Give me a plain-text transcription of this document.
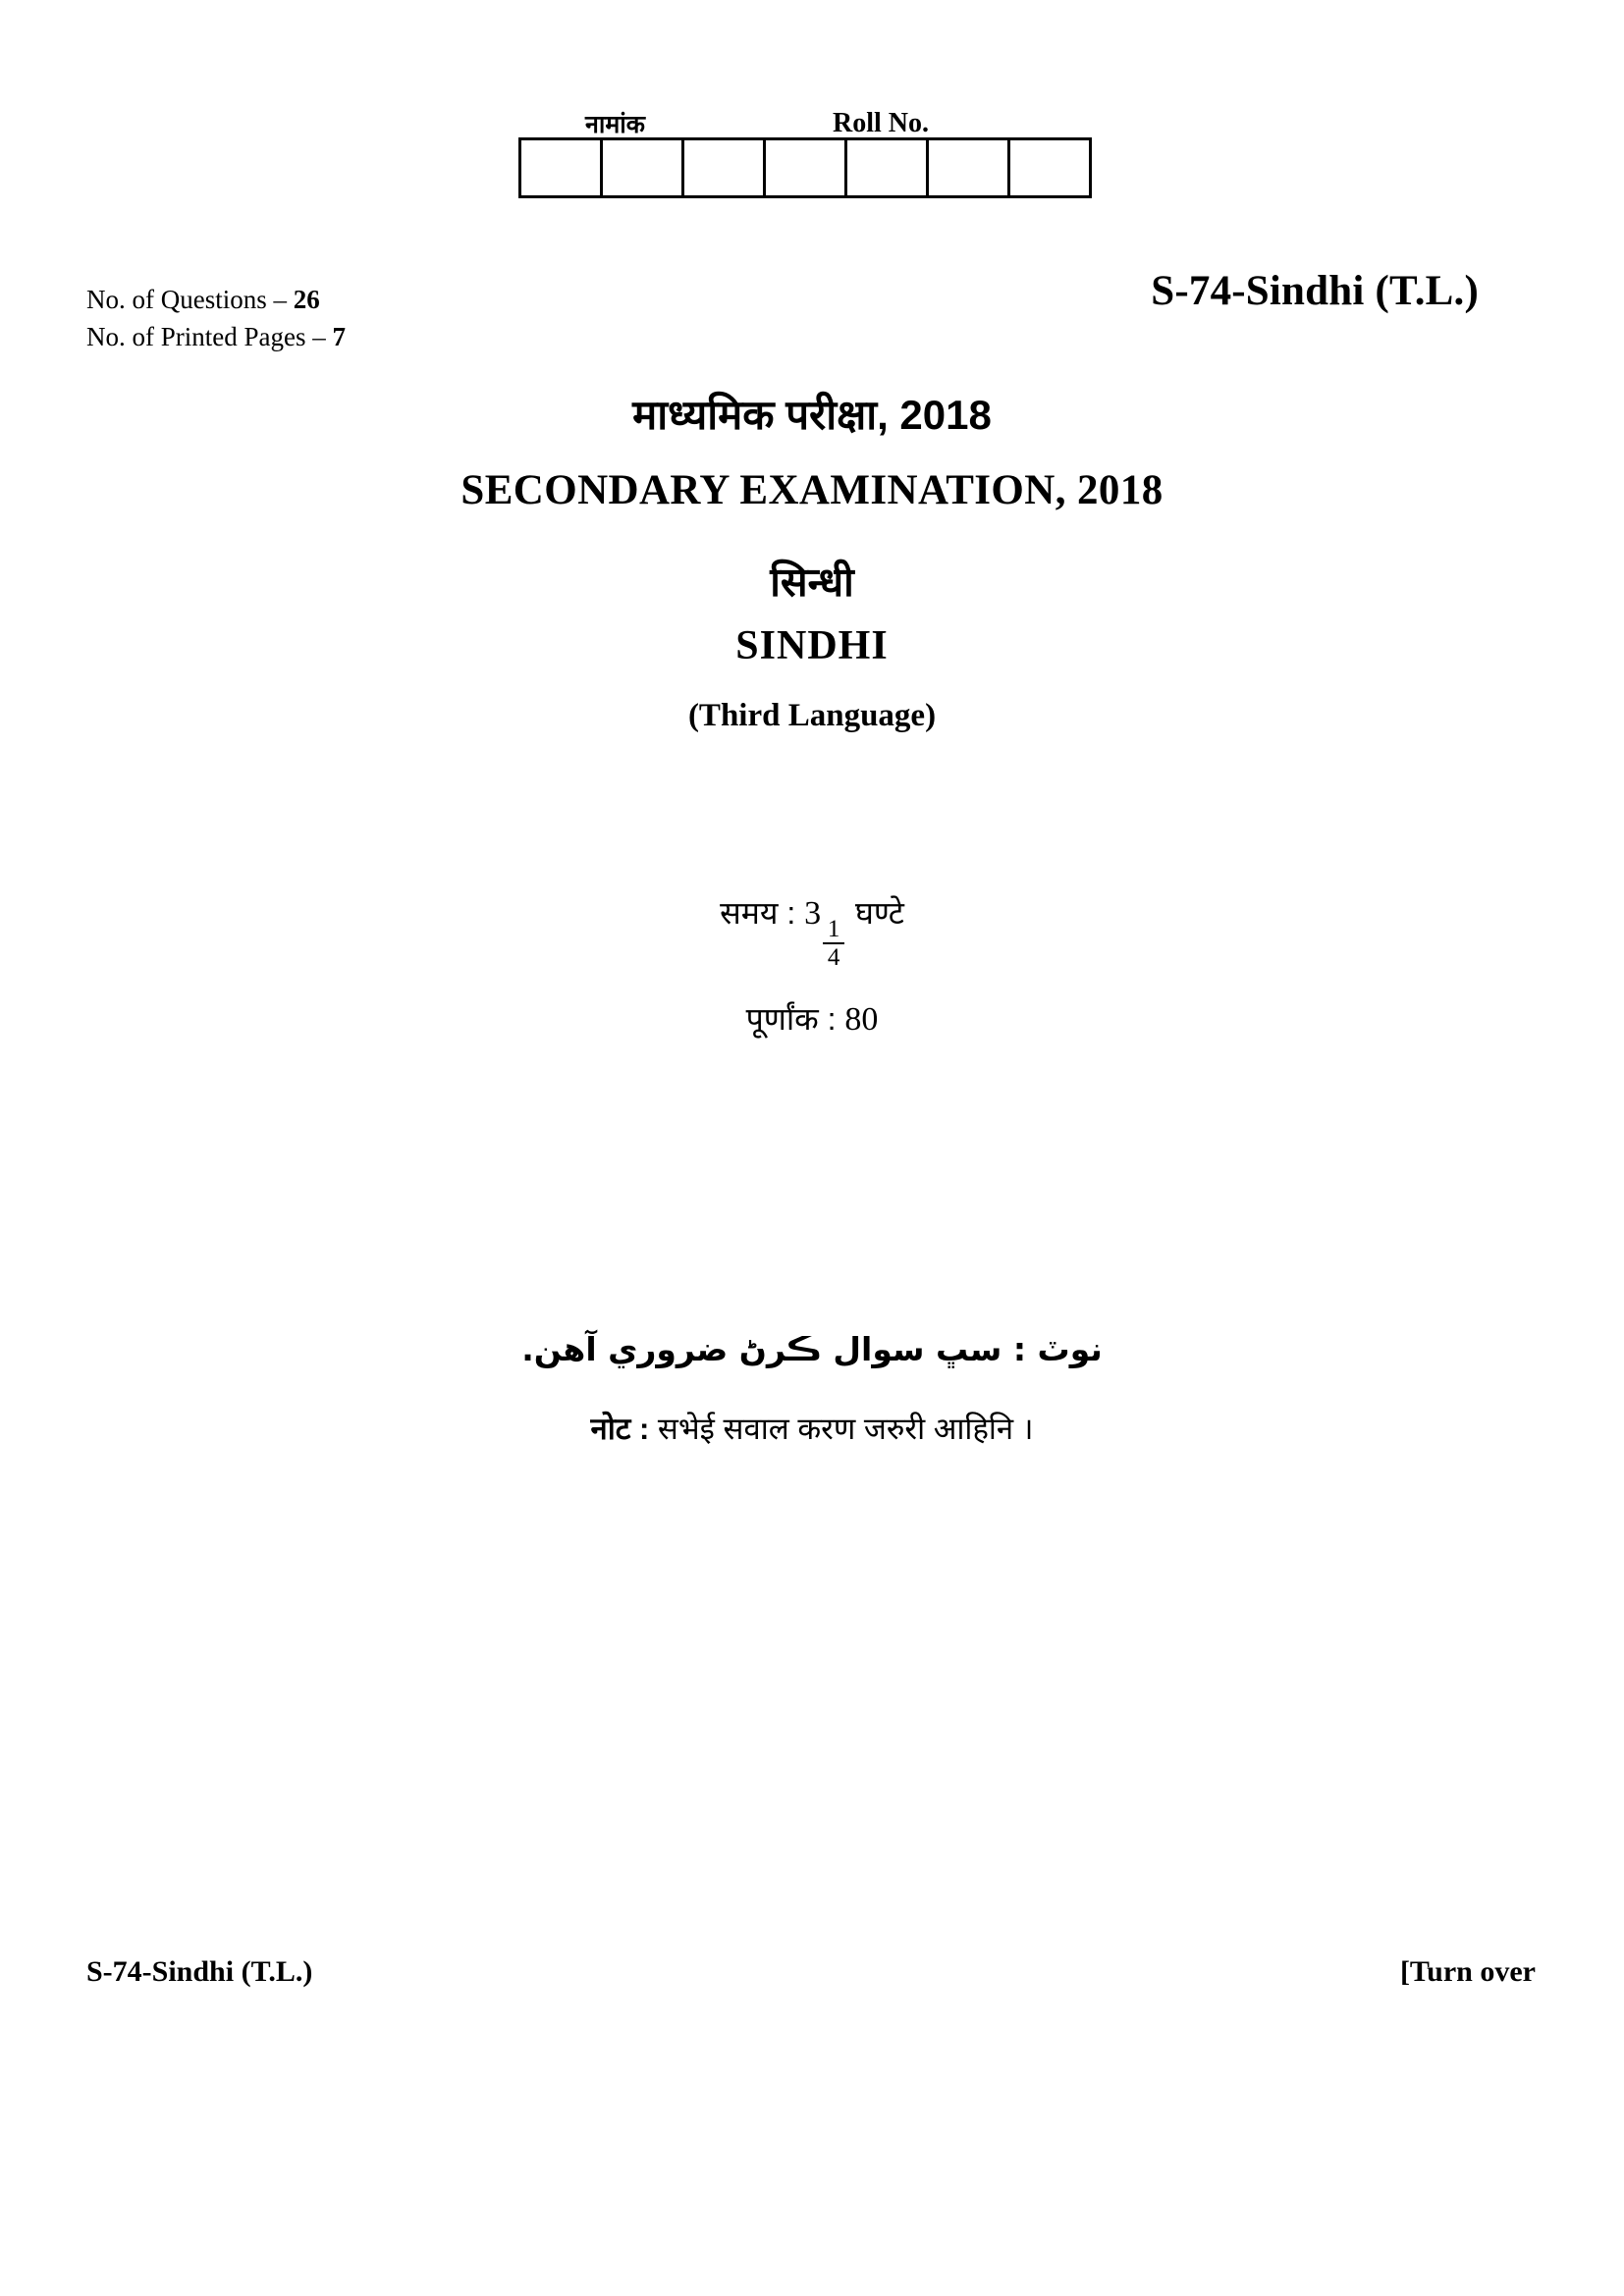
नामांक	Roll No.
No. of Questions – 26
No. of Printed Pages – 7
S-74-Sindhi (T.L.)
माध्यमिक परीक्षा, 2018
SECONDARY EXAMINATION, 2018
सिन्धी
SINDHI
(Third Language)
समय : 3
$\frac{1}{4}$
घण्टे
पूर्णांक : 80
نوٽ : سڀ سوال ڪرڻ ضروري آهن.
नोट : सभेई सवाल करण जरुरी आहिनि ।
S-74-Sindhi (T.L.)	[Turn over
